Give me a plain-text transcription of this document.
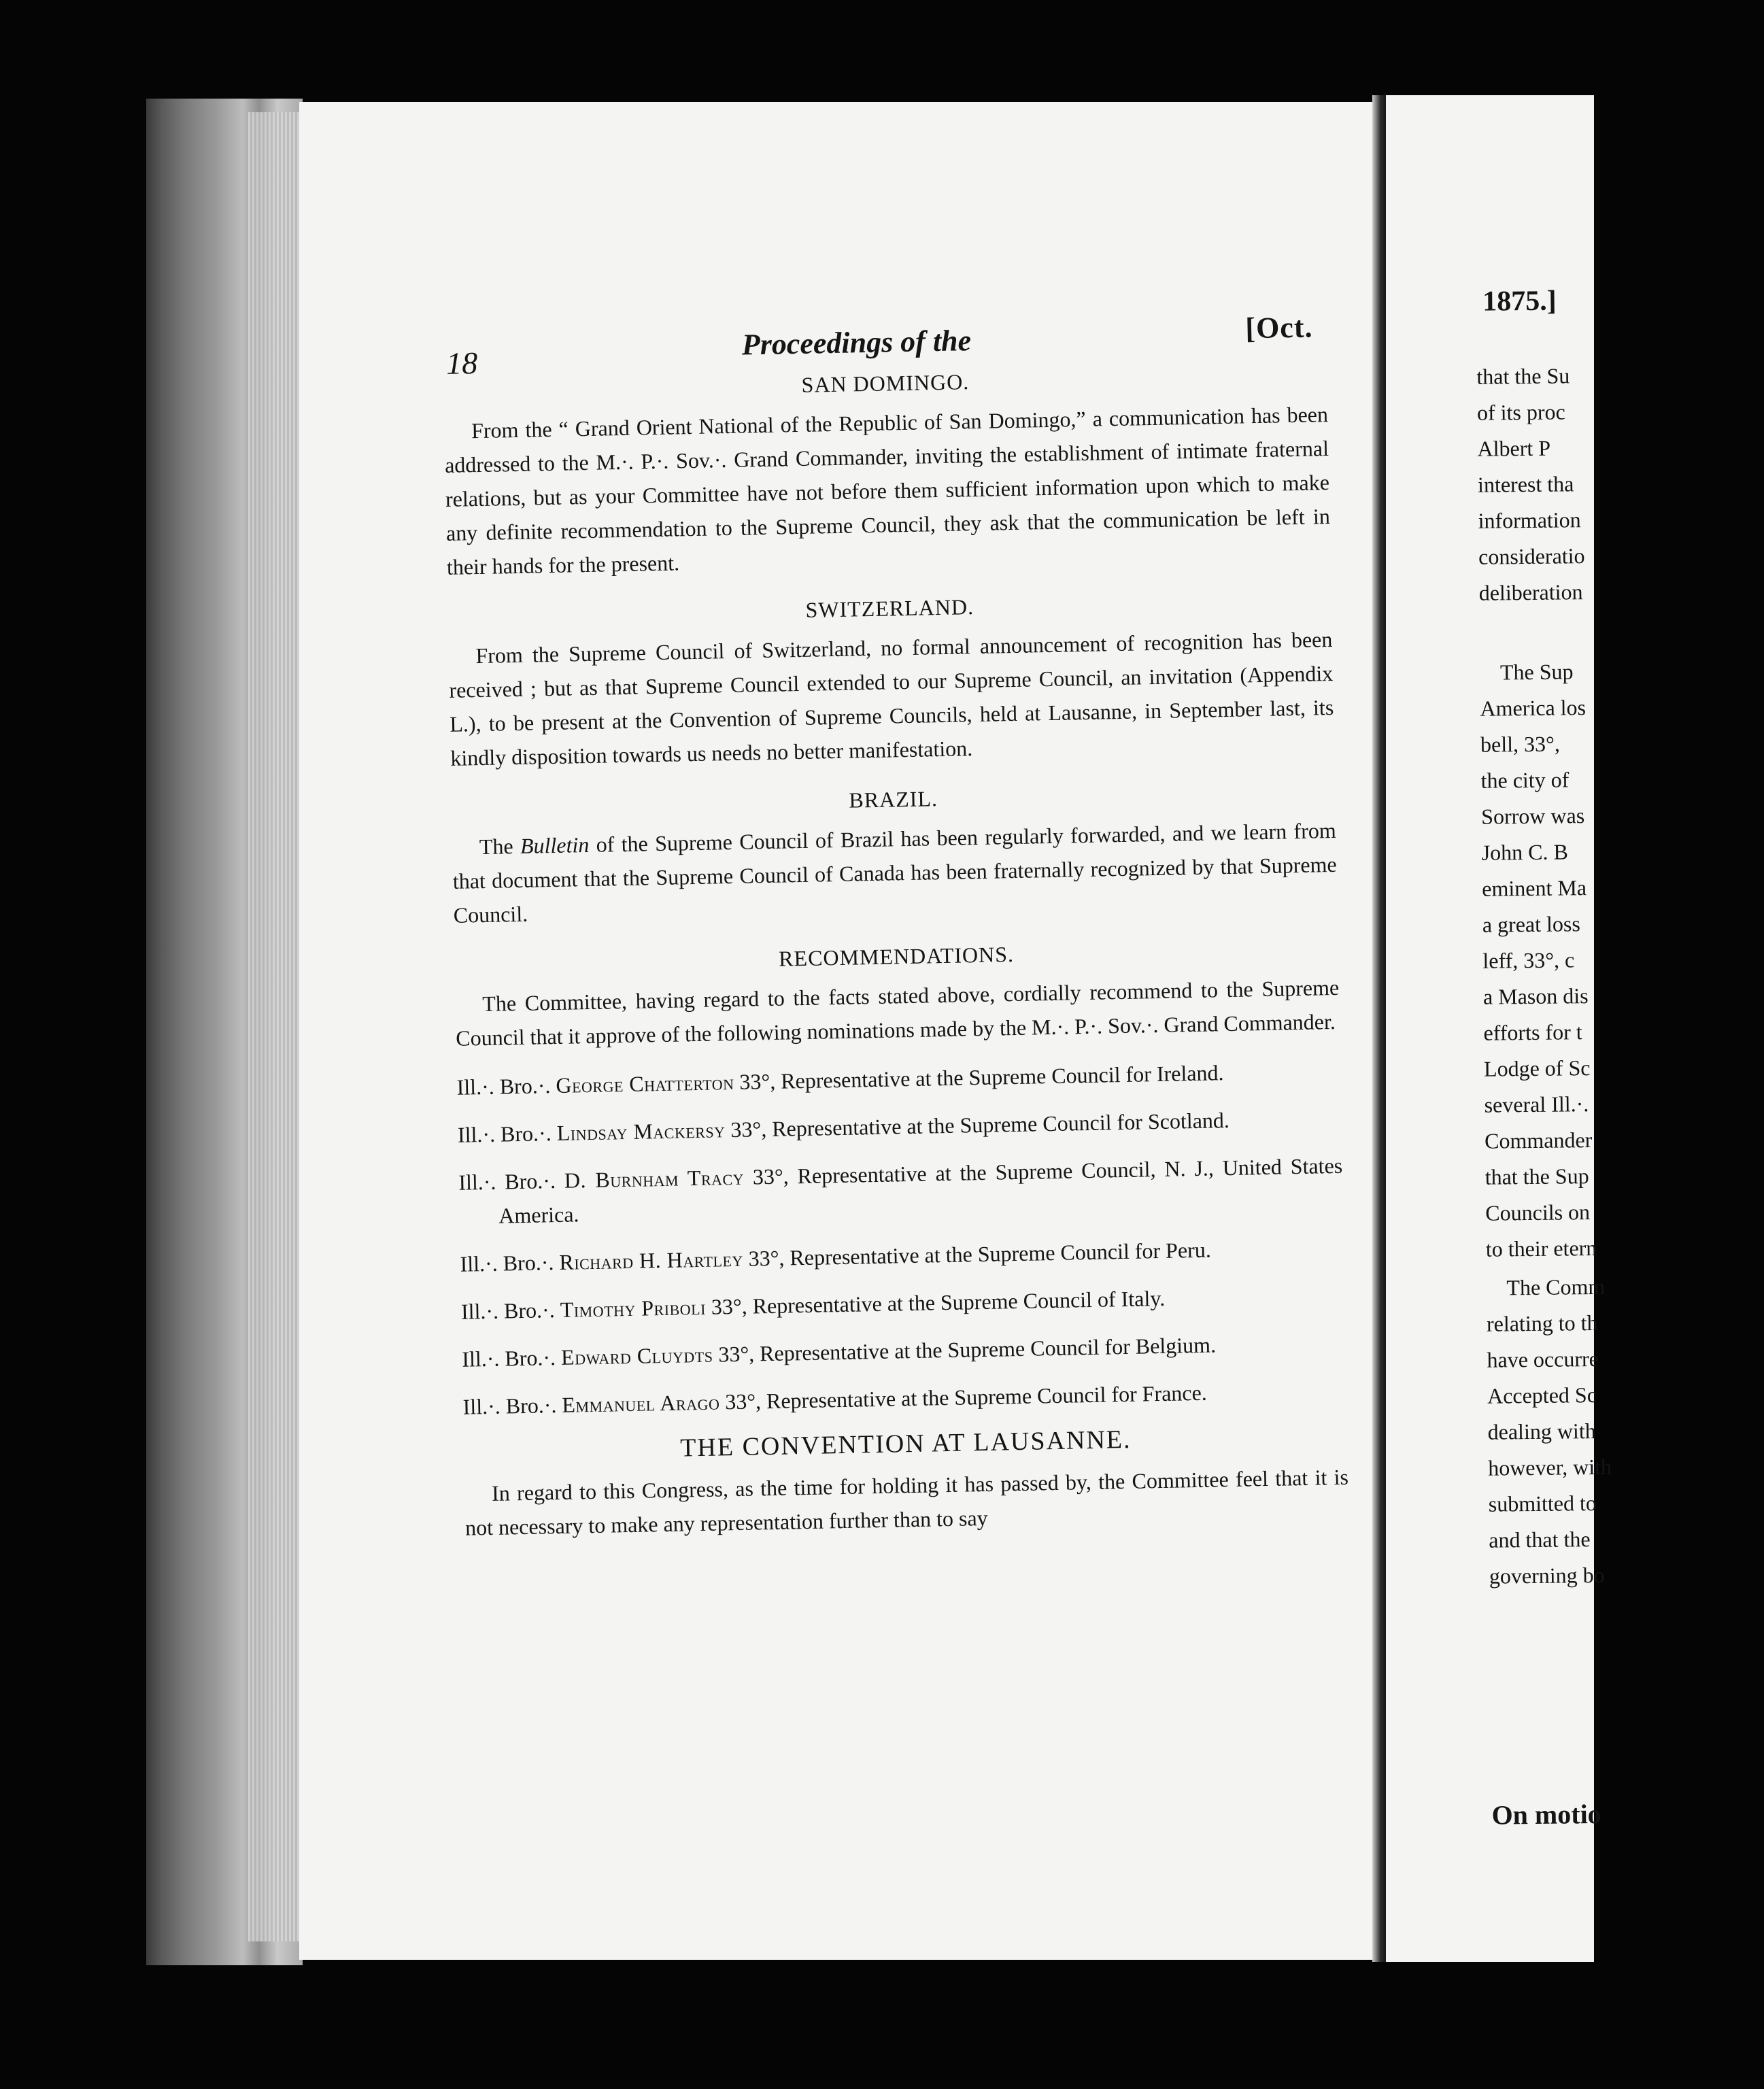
18
Proceedings of the	[Oct.
SAN DOMINGO.

From the “ Grand Orient National of the Republic of San Domingo,” a communication has been addressed to the M.·. P.·. Sov.·. Grand Commander, inviting the establishment of intimate fraternal relations, but as your Committee have not before them sufficient information upon which to make any definite recommendation to the Supreme Council, they ask that the communication be left in their hands for the present.

SWITZERLAND.

From the Supreme Council of Switzerland, no formal announcement of recognition has been received ; but as that Supreme Council extended to our Supreme Council, an invitation (Appendix L.), to be present at the Convention of Supreme Councils, held at Lausanne, in September last, its kindly disposition towards us needs no better manifestation.

BRAZIL.

The Bulletin of the Supreme Council of Brazil has been regularly forwarded, and we learn from that document that the Supreme Council of Canada has been fraternally recognized by that Supreme Council.

RECOMMENDATIONS.

The Committee, having regard to the facts stated above, cordially recommend to the Supreme Council that it approve of the following nominations made by the M.·. P.·. Sov.·. Grand Commander.

Ill.·. Bro.·. George Chatterton 33°, Representative at the Supreme Council for Ireland.

Ill.·. Bro.·. Lindsay Mackersy 33°, Representative at the Supreme Council for Scotland.

Ill.·. Bro.·. D. Burnham Tracy 33°, Representative at the Supreme Council, N. J., United States America.

Ill.·. Bro.·. Richard H. Hartley 33°, Representative at the Supreme Council for Peru.

Ill.·. Bro.·. Timothy Priboli 33°, Representative at the Supreme Council of Italy.

Ill.·. Bro.·. Edward Cluydts 33°, Representative at the Supreme Council for Belgium.

Ill.·. Bro.·. Emmanuel Arago 33°, Representative at the Supreme Council for France.

THE CONVENTION AT LAUSANNE.

In regard to this Congress, as the time for holding it has passed by, the Committee feel that it is not necessary to make any representation further than to say

1875.]
that the Su
of its proc
Albert P
interest tha
information
consideratio
deliberation
The Sup
America los
bell, 33°,
the city of
Sorrow was
John C. B
eminent Ma
a great loss
leff, 33°, c
a Mason dis
efforts for t
Lodge of Sc
several Ill.·.
Commander
that the Sup
Councils on
to their etern
The Comm
relating to th
have occurre
Accepted Sc
dealing with
however, with
submitted to
and that the
governing bo
On motio
